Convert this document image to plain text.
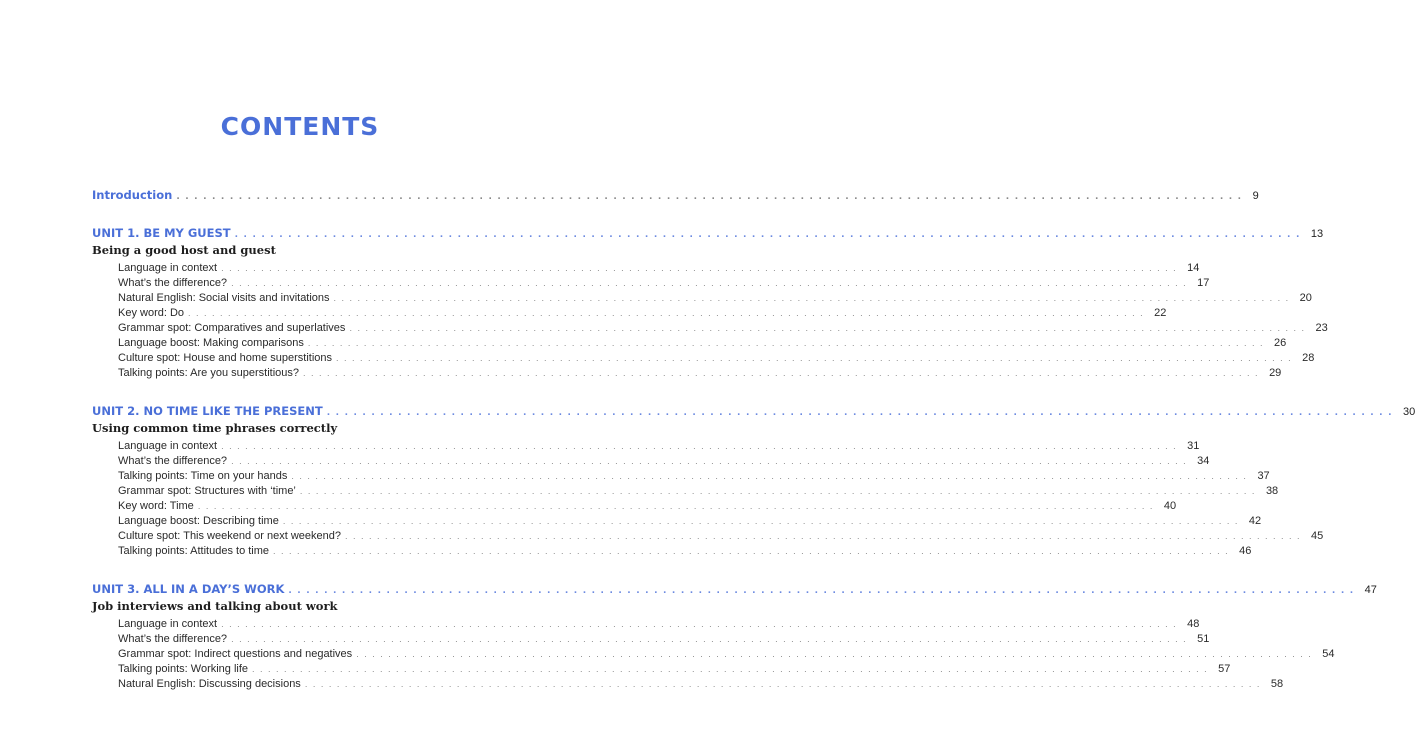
CONTENTS
Introduction ........................................................................................................................ 9
UNIT 1. BE MY GUEST ........................................................................................................................ 13
Being a good host and guest
Language in context ........................................................................................................................ 14
What’s the difference? ........................................................................................................................ 17
Natural English: Social visits and invitations ........................................................................................................................ 20
Key word: Do ........................................................................................................................ 22
Grammar spot: Comparatives and superlatives ........................................................................................................................ 23
Language boost: Making comparisons ........................................................................................................................ 26
Culture spot: House and home superstitions ........................................................................................................................ 28
Talking points: Are you superstitious? ........................................................................................................................ 29
UNIT 2. NO TIME LIKE THE PRESENT ........................................................................................................................ 30
Using common time phrases correctly
Language in context ........................................................................................................................ 31
What’s the difference? ........................................................................................................................ 34
Talking points: Time on your hands ........................................................................................................................ 37
Grammar spot: Structures with ‘time’ ........................................................................................................................ 38
Key word: Time ........................................................................................................................ 40
Language boost: Describing time ........................................................................................................................ 42
Culture spot: This weekend or next weekend? ........................................................................................................................ 45
Talking points: Attitudes to time ........................................................................................................................ 46
UNIT 3. ALL IN A DAY’S WORK ........................................................................................................................ 47
Job interviews and talking about work
Language in context ........................................................................................................................ 48
What’s the difference? ........................................................................................................................ 51
Grammar spot: Indirect questions and negatives ........................................................................................................................ 54
Talking points: Working life ........................................................................................................................ 57
Natural English: Discussing decisions ........................................................................................................................ 58
